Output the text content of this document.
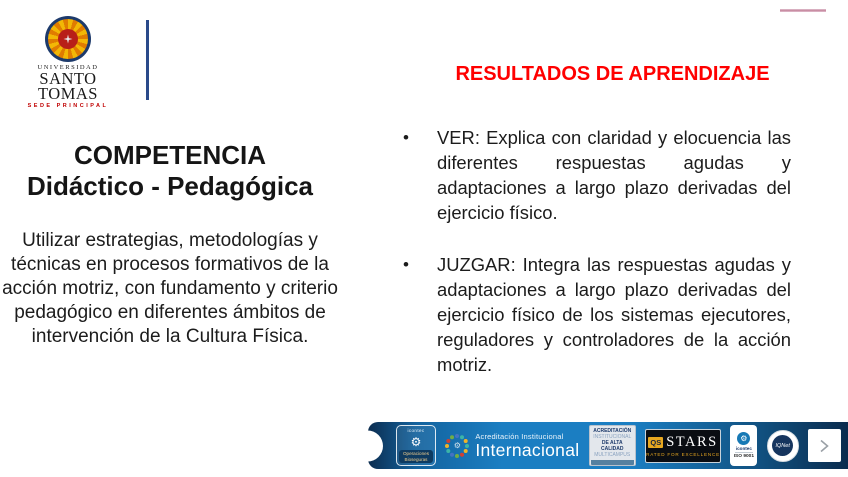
UNIVERSIDAD
SANTO TOMAS
SEDE PRINCIPAL
COMPETENCIA
Didáctico - Pedagógica
Utilizar estrategias, metodologías y técnicas en procesos formativos de la acción motriz, con fundamento y criterio pedagógico en diferentes ámbitos de intervención de la Cultura Física.
RESULTADOS DE APRENDIZAJE
•	VER: Explica con claridad y elocuencia las diferentes respuestas agudas y adaptaciones a largo plazo derivadas del ejercicio físico.
•	JUZGAR: Integra las respuestas agudas y adaptaciones a largo plazo derivadas del ejercicio físico de los sistemas ejecutores, reguladores y controladores de la acción motriz.
icontec
⚙
Operaciones
Bioseguras
⚙
Acreditación Institucional
Internacional
ACREDITACIÓN
INSTITUCIONAL
DE ALTA CALIDAD
MULTICAMPUS
QS STARS
RATED FOR EXCELLENCE
⚙
icontec
ISO 9001
IQNet
